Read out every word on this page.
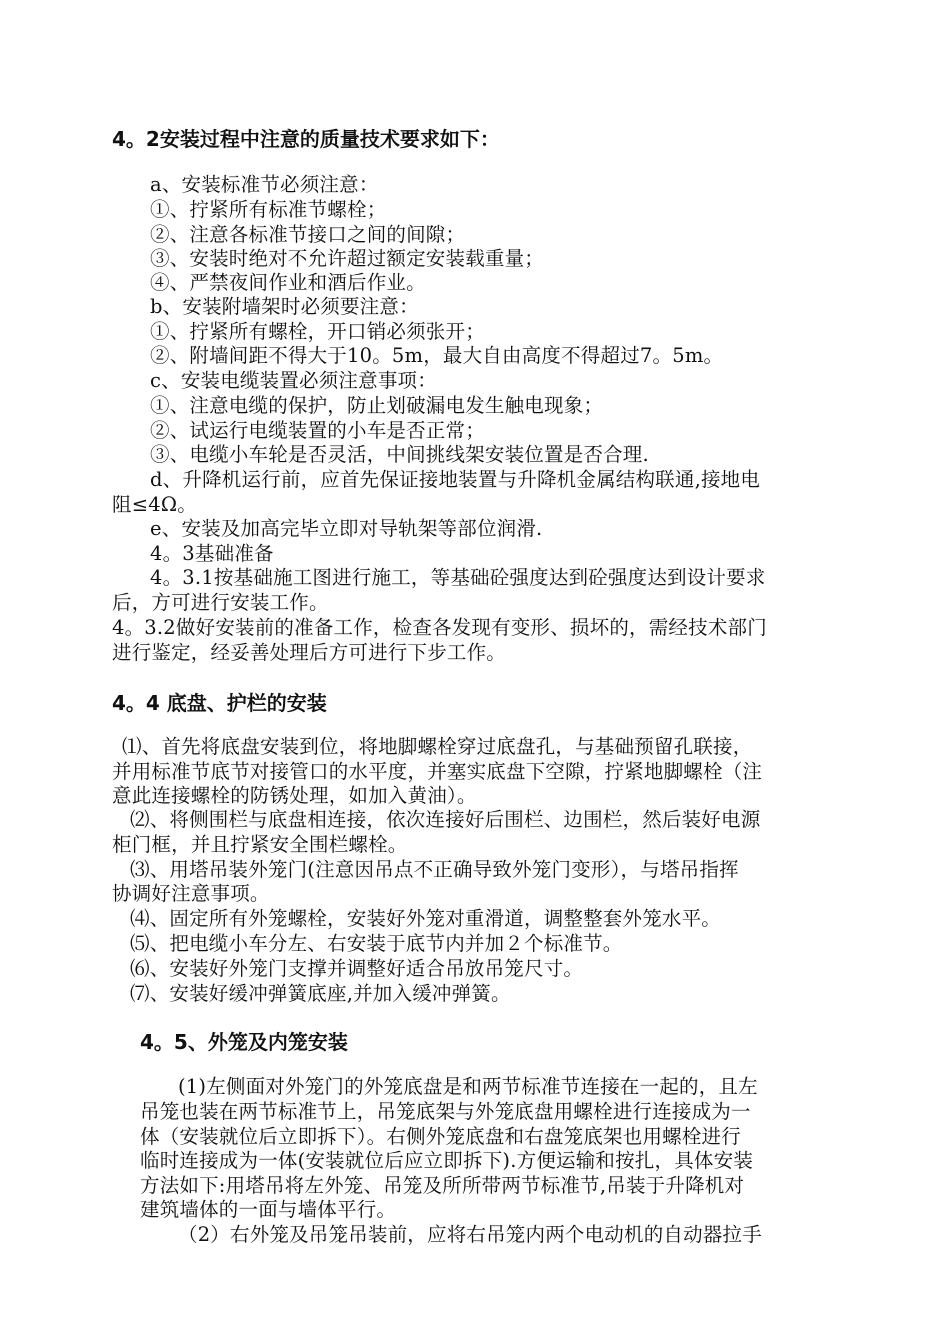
4。2安装过程中注意的质量技术要求如下：
a、安装标准节必须注意：
①、拧紧所有标准节螺栓；
②、注意各标准节接口之间的间隙；
③、安装时绝对不允许超过额定安装载重量；
④、严禁夜间作业和酒后作业。
b、安装附墙架时必须要注意：
①、拧紧所有螺栓，开口销必须张开；
②、附墙间距不得大于10。5m，最大自由高度不得超过7。5m。
c、安装电缆装置必须注意事项：
①、注意电缆的保护，防止划破漏电发生触电现象；
②、试运行电缆装置的小车是否正常；
③、电缆小车轮是否灵活，中间挑线架安装位置是否合理.
d、升降机运行前，应首先保证接地装置与升降机金属结构联通,接地电
阻≤4Ω。
e、安装及加高完毕立即对导轨架等部位润滑.
4。3基础准备
4。3.1按基础施工图进行施工，等基础砼强度达到砼强度达到设计要求
后，方可进行安装工作。
4。3.2做好安装前的准备工作，检查各发现有变形、损坏的，需经技术部门
进行鉴定，经妥善处理后方可进行下步工作。
4。4 底盘、护栏的安装
⑴、首先将底盘安装到位，将地脚螺栓穿过底盘孔，与基础预留孔联接，
并用标准节底节对接管口的水平度，并塞实底盘下空隙，拧紧地脚螺栓（注
意此连接螺栓的防锈处理，如加入黄油）。
⑵、将侧围栏与底盘相连接，依次连接好后围栏、边围栏，然后装好电源
柜门框，并且拧紧安全围栏螺栓。
⑶、用塔吊装外笼门(注意因吊点不正确导致外笼门变形），与塔吊指挥
协调好注意事项。
⑷、固定所有外笼螺栓，安装好外笼对重滑道，调整整套外笼水平。
⑸、把电缆小车分左、右安装于底节内并加２个标准节。
⑹、安装好外笼门支撑并调整好适合吊放吊笼尺寸。
⑺、安装好缓冲弹簧底座,并加入缓冲弹簧。
4。5、外笼及内笼安装
(1)左侧面对外笼门的外笼底盘是和两节标准节连接在一起的，且左
吊笼也装在两节标准节上，吊笼底架与外笼底盘用螺栓进行连接成为一
体（安装就位后立即拆下）。右侧外笼底盘和右盘笼底架也用螺栓进行
临时连接成为一体(安装就位后应立即拆下).方便运输和按扎，具体安装
方法如下:用塔吊将左外笼、吊笼及所所带两节标准节,吊装于升降机对
建筑墙体的一面与墙体平行。
（2）右外笼及吊笼吊装前，应将右吊笼内两个电动机的自动器拉手
